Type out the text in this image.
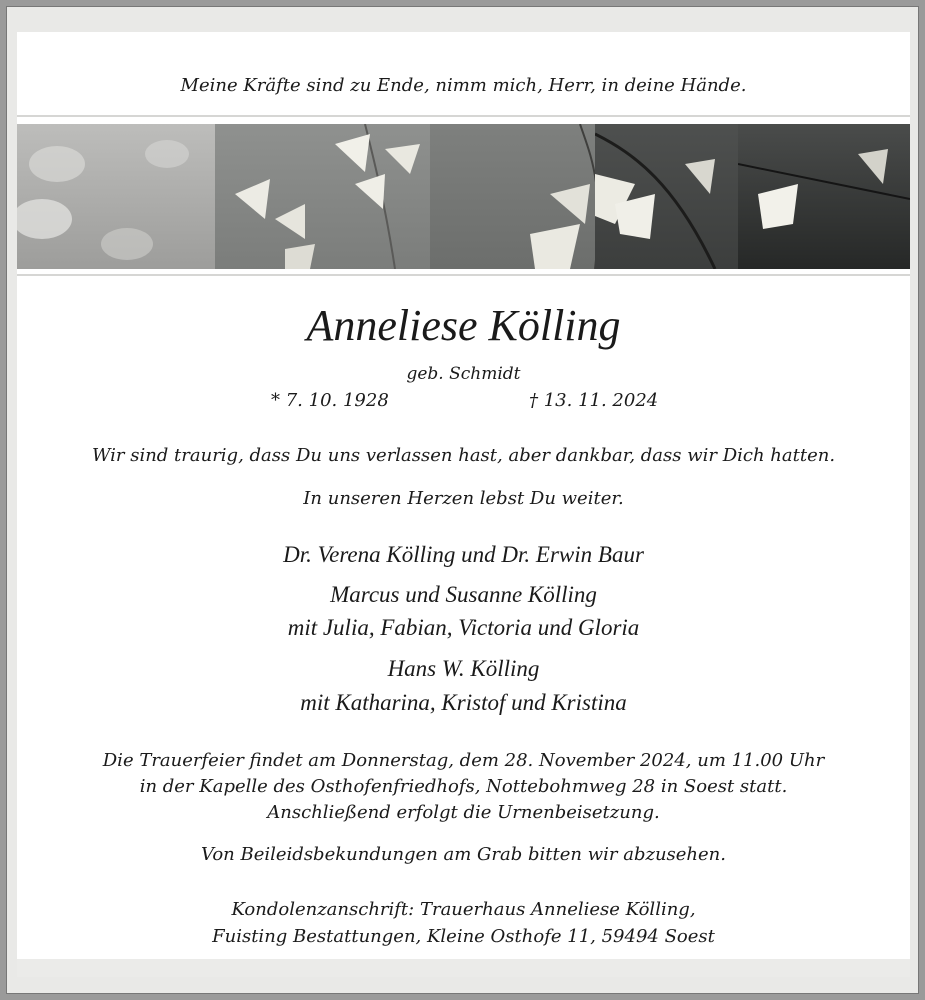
Meine Kräfte sind zu Ende, nimm mich, Herr, in deine Hände.
Anneliese Kölling
geb. Schmidt
* 7. 10. 1928	† 13. 11. 2024
Wir sind traurig, dass Du uns verlassen hast, aber dankbar, dass wir Dich hatten.
In unseren Herzen lebst Du weiter.
Dr. Verena Kölling und Dr. Erwin Baur
Marcus und Susanne Kölling
mit Julia, Fabian, Victoria und Gloria
Hans W. Kölling
mit Katharina, Kristof und Kristina
Die Trauerfeier findet am Donnerstag, dem 28. November 2024, um 11.00 Uhr
in der Kapelle des Osthofenfriedhofs, Nottebohmweg 28 in Soest statt.
Anschließend erfolgt die Urnenbeisetzung.
Von Beileidsbekundungen am Grab bitten wir abzusehen.
Kondolenzanschrift: Trauerhaus Anneliese Kölling,
Fuisting Bestattungen, Kleine Osthofe 11, 59494 Soest
